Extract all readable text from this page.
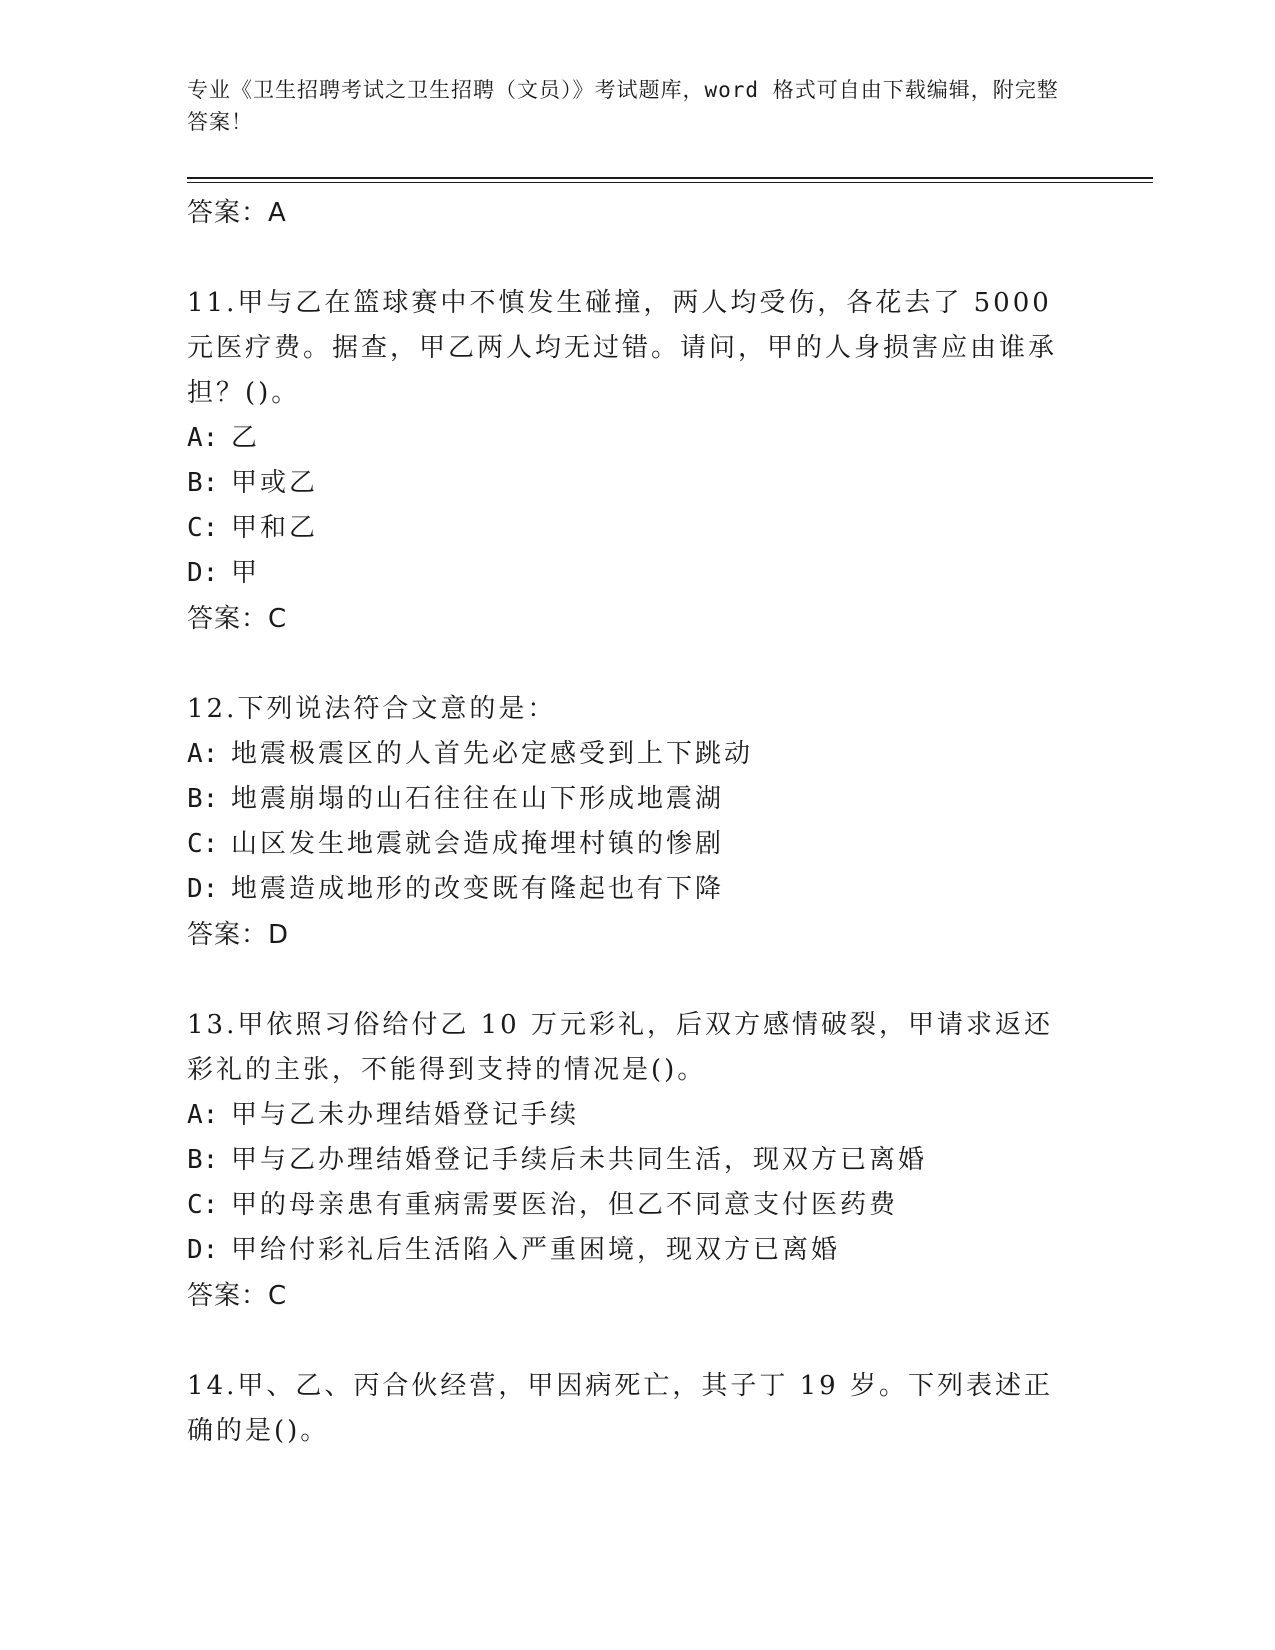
专业《卫生招聘考试之卫生招聘（文员）》考试题库，word 格式可自由下载编辑，附完整答案！
答案：A
11.甲与乙在篮球赛中不慎发生碰撞，两人均受伤，各花去了 5000 元医疗费。据查，甲乙两人均无过错。请问，甲的人身损害应由谁承担？()。
A: 乙
B: 甲或乙
C: 甲和乙
D: 甲
答案：C
12.下列说法符合文意的是：
A: 地震极震区的人首先必定感受到上下跳动
B: 地震崩塌的山石往往在山下形成地震湖
C: 山区发生地震就会造成掩埋村镇的惨剧
D: 地震造成地形的改变既有隆起也有下降
答案：D
13.甲依照习俗给付乙 10 万元彩礼，后双方感情破裂，甲请求返还彩礼的主张，不能得到支持的情况是()。
A: 甲与乙未办理结婚登记手续
B: 甲与乙办理结婚登记手续后未共同生活，现双方已离婚
C: 甲的母亲患有重病需要医治，但乙不同意支付医药费
D: 甲给付彩礼后生活陷入严重困境，现双方已离婚
答案：C
14.甲、乙、丙合伙经营，甲因病死亡，其子丁 19 岁。下列表述正确的是()。
